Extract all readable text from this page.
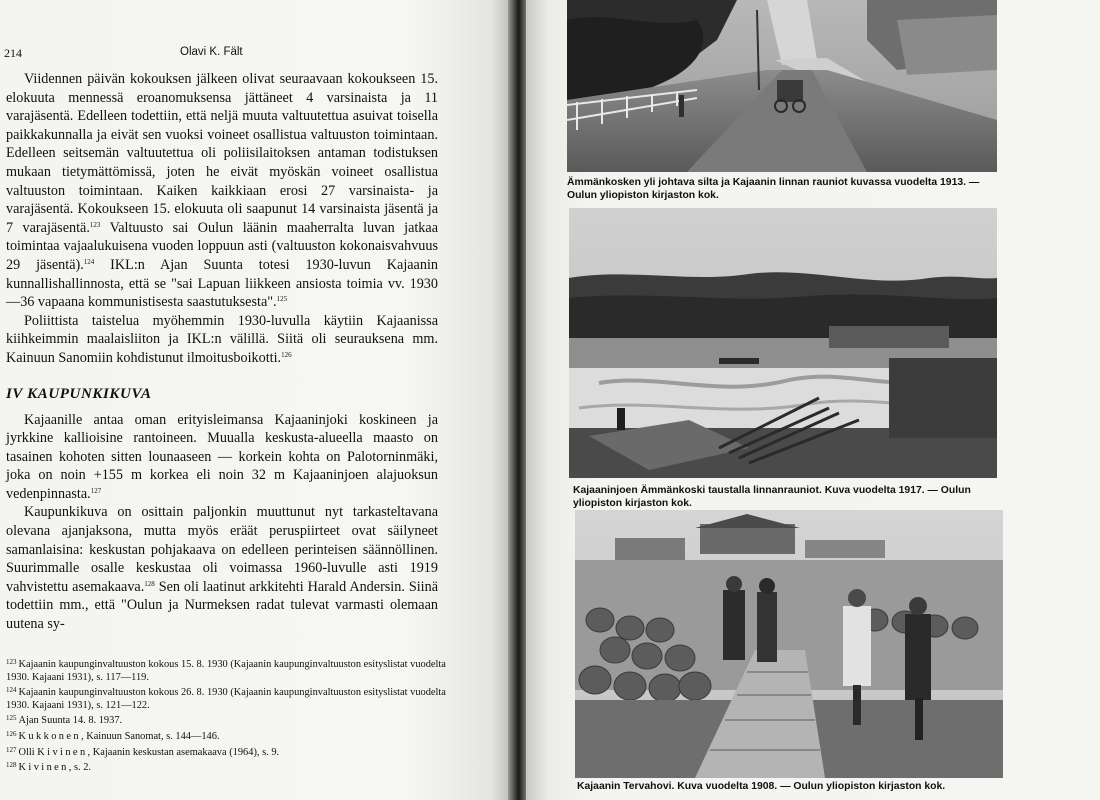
214	Olavi K. Fält

Viidennen päivän kokouksen jälkeen olivat seuraavaan kokoukseen 15. elokuuta mennessä eroanomuksensa jättäneet 4 varsinaista ja 11 varajäsentä. Edelleen todettiin, että neljä muuta valtuutettua asuivat toisella paikkakunnalla ja eivät sen vuoksi voineet osallistua valtuuston toimintaan. Edelleen seitsemän valtuutettua oli poliisilaitoksen antaman todistuksen mukaan tietymättömissä, joten he eivät myöskän voineet osallistua valtuuston toimintaan. Kaiken kaikkiaan erosi 27 varsinaista- ja varajäsentä. Kokoukseen 15. elokuuta oli saapunut 14 varsinaista jäsentä ja 7 varajäsentä.$^{123}$ Valtuusto sai Oulun läänin maaherralta luvan jatkaa toimintaa vajaalukuisena vuoden loppuun asti (valtuuston kokonaisvahvuus 29 jäsentä).$^{124}$ IKL:n Ajan Suunta totesi 1930-luvun Kajaanin kunnallishallinnosta, että se "sai Lapuan liikkeen ansiosta toimia vv. 1930—36 vapaana kommunistisesta saastutuksesta".$^{125}$

Poliittista taistelua myöhemmin 1930-luvulla käytiin Kajaanissa kiihkeimmin maalaisliiton ja IKL:n välillä. Siitä oli seurauksena mm. Kainuun Sanomiin kohdistunut ilmoitusboikotti.$^{126}$

IV KAUPUNKIKUVA

Kajaanille antaa oman erityisleimansa Kajaaninjoki koskineen ja jyrkkine kallioisine rantoineen. Muualla keskusta-alueella maasto on tasainen kohoten sitten lounaaseen — korkein kohta on Palotorninmäki, joka on noin +155 m korkea eli noin 32 m Kajaaninjoen alajuoksun vedenpinnasta.$^{127}$

Kaupunkikuva on osittain paljonkin muuttunut nyt tarkasteltavana olevana ajanjaksona, mutta myös eräät peruspiirteet ovat säilyneet samanlaisina: keskustan pohjakaava on edelleen perinteisen säännöllinen. Suurimmalle osalle keskustaa oli voimassa 1960-luvulle asti 1919 vahvistettu asemakaava.$^{128}$ Sen oli laatinut arkkitehti Harald Andersin. Siinä todettiin mm., että "Oulun ja Nurmeksen radat tulevat varmasti olemaan uutena sy-

$^{123}$ Kajaanin kaupunginvaltuuston kokous 15. 8. 1930 (Kajaanin kaupunginvaltuuston esityslistat vuodelta 1930. Kajaani 1931), s. 117—119.

$^{124}$ Kajaanin kaupunginvaltuuston kokous 26. 8. 1930 (Kajaanin kaupunginvaltuuston esityslistat vuodelta 1930. Kajaani 1931), s. 121—122.

$^{125}$ Ajan Suunta 14. 8. 1937.

$^{126}$ Kukkonen, Kainuun Sanomat, s. 144—146.

$^{127}$ Olli Kivinen, Kajaanin keskustan asemakaava (1964), s. 9.

$^{128}$ Kivinen, s. 2.

Ämmänkosken yli johtava silta ja Kajaanin linnan rauniot kuvassa vuodelta 1913. — Oulun yliopiston kirjaston kok.
Kajaaninjoen Ämmänkoski taustalla linnanrauniot. Kuva vuodelta 1917. — Oulun yliopiston kirjaston kok.
Kajaanin Tervahovi. Kuva vuodelta 1908. — Oulun yliopiston kirjaston kok.
